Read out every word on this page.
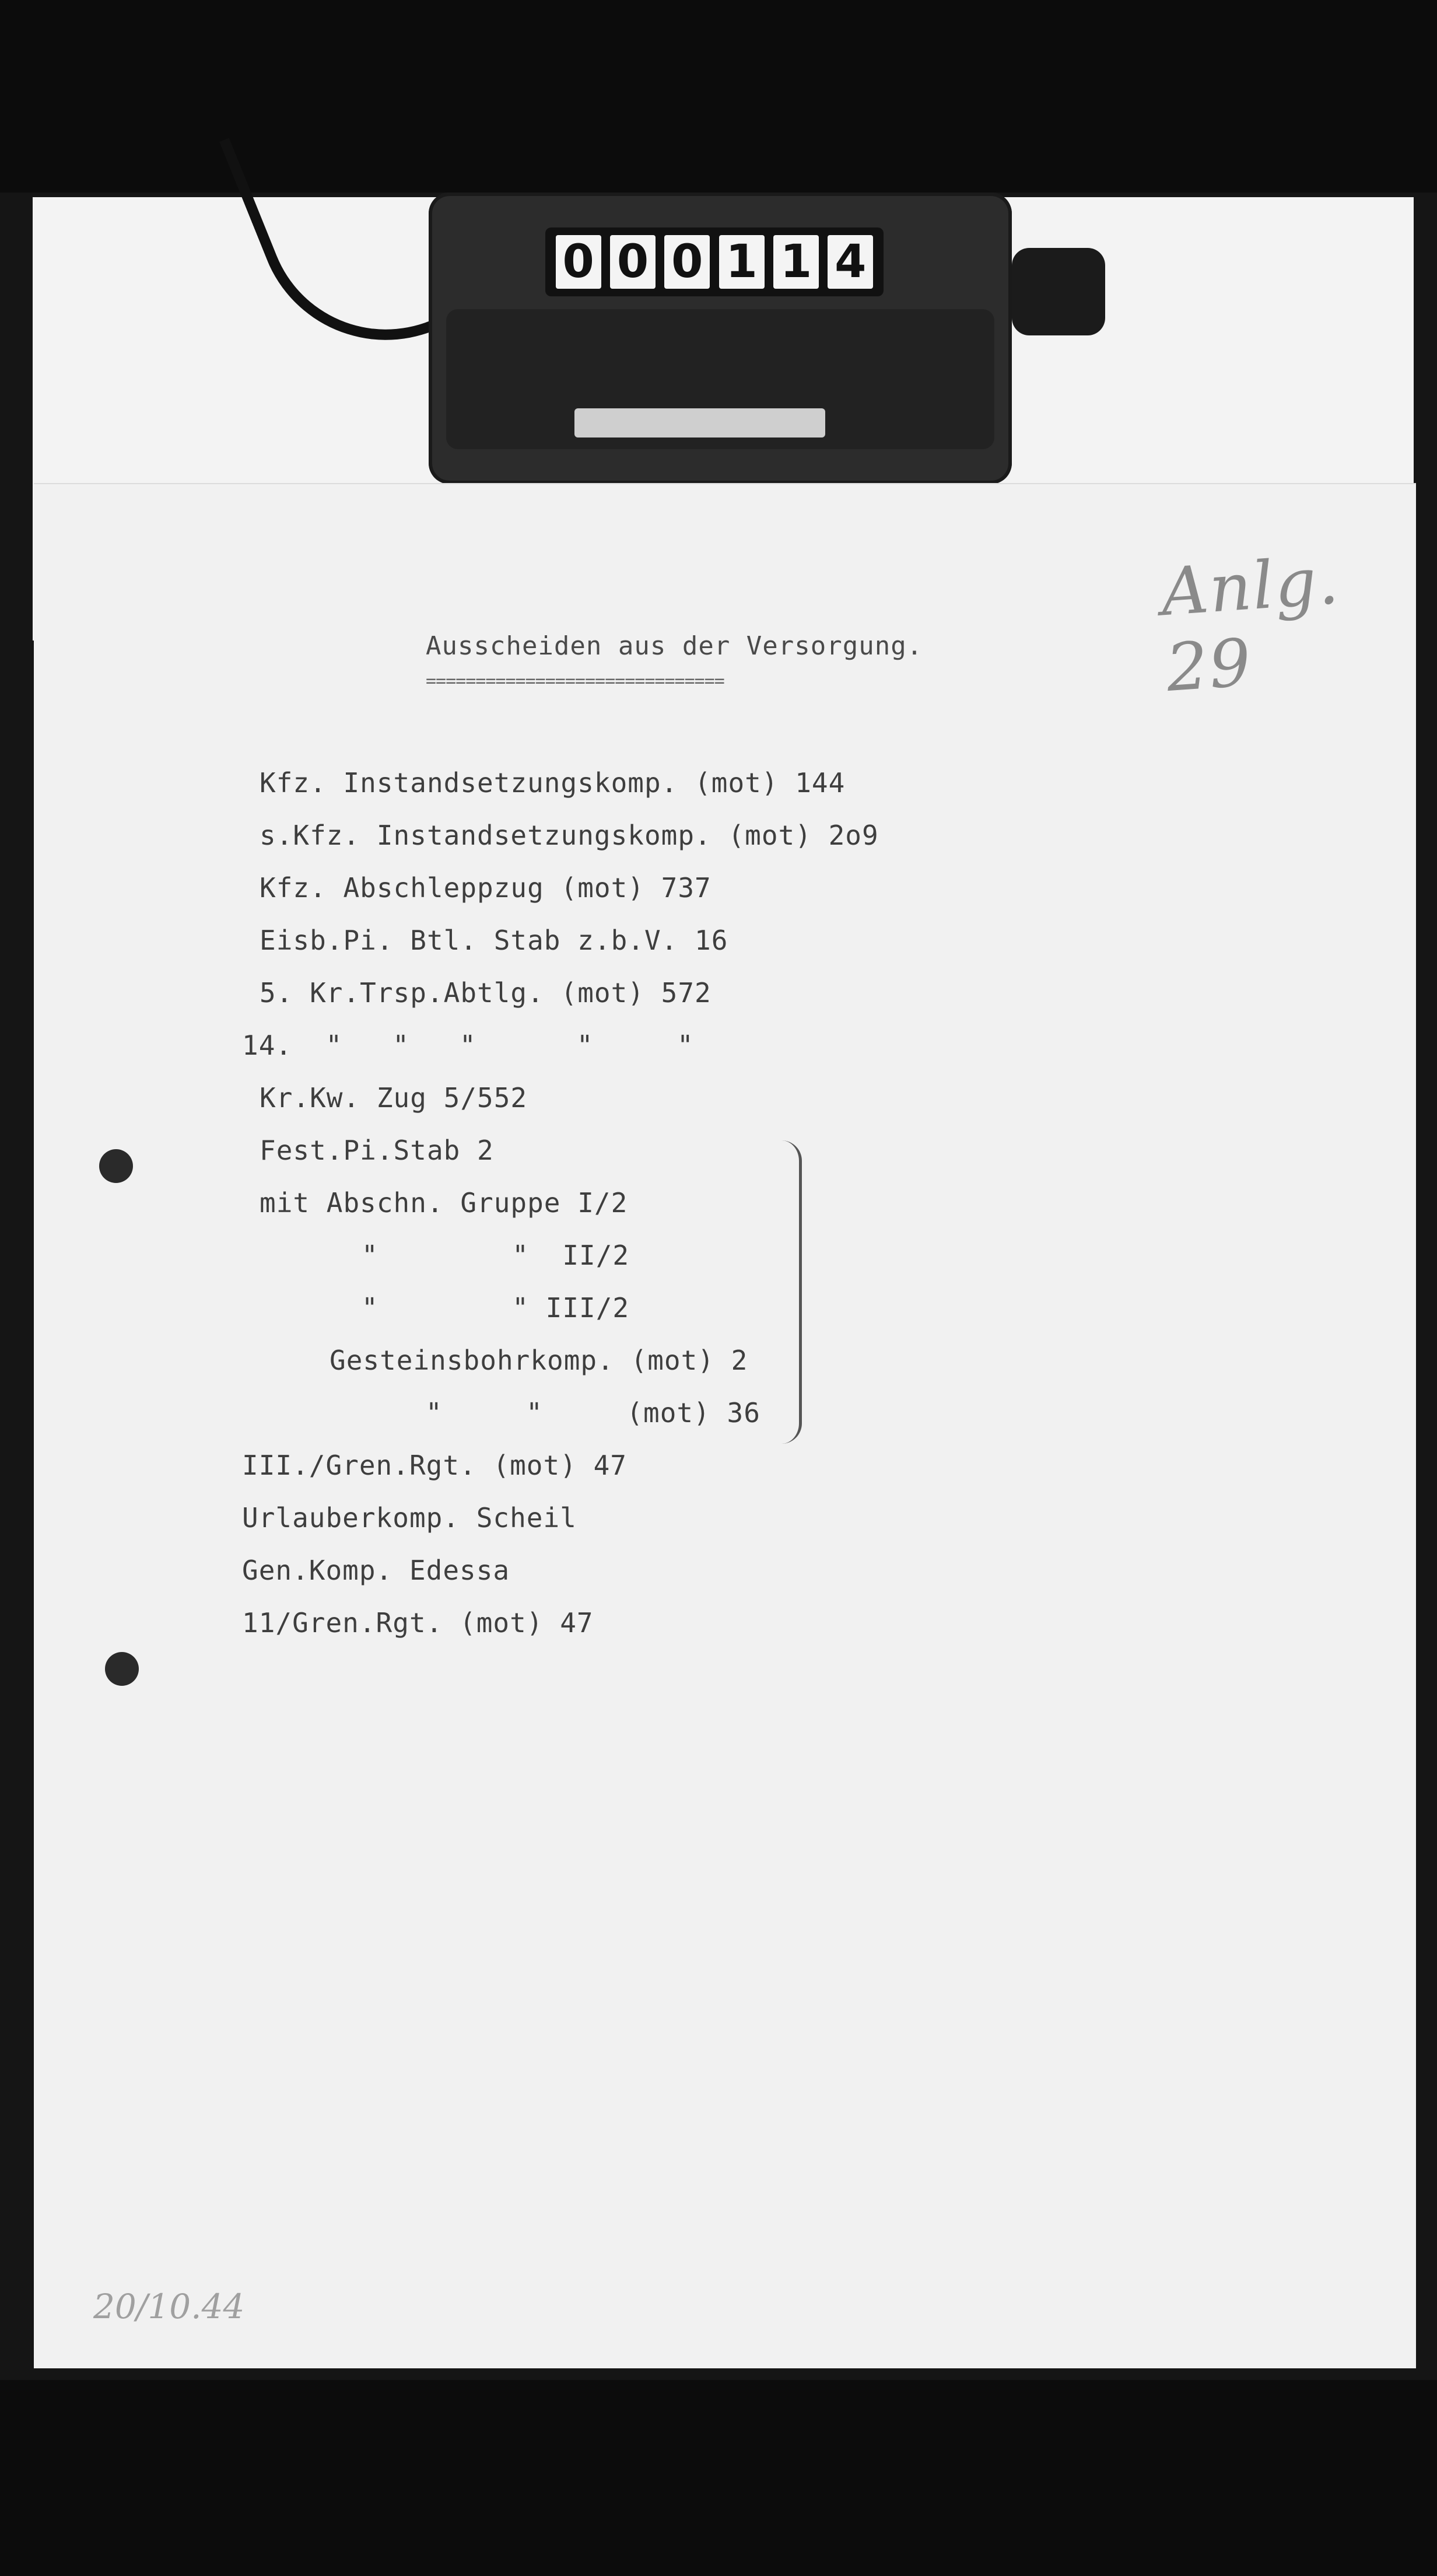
0 0 0 1 1 4
Anlg. 29
Ausscheiden aus der Versorgung.
==============================
Kfz. Instandsetzungskomp. (mot) 144
s.Kfz. Instandsetzungskomp. (mot) 2o9
Kfz. Abschleppzug (mot) 737
Eisb.Pi. Btl. Stab z.b.V. 16
5. Kr.Trsp.Abtlg. (mot) 572
14.  "   "   "      "     "
Kr.Kw. Zug 5/552
Fest.Pi.Stab 2
mit Abschn. Gruppe I/2
"        "  II/2
"        " III/2
Gesteinsbohrkomp. (mot) 2
"     "     (mot) 36
III./Gren.Rgt. (mot) 47
Urlauberkomp. Scheil
Gen.Komp. Edessa
11/Gren.Rgt. (mot) 47
20/10.44
